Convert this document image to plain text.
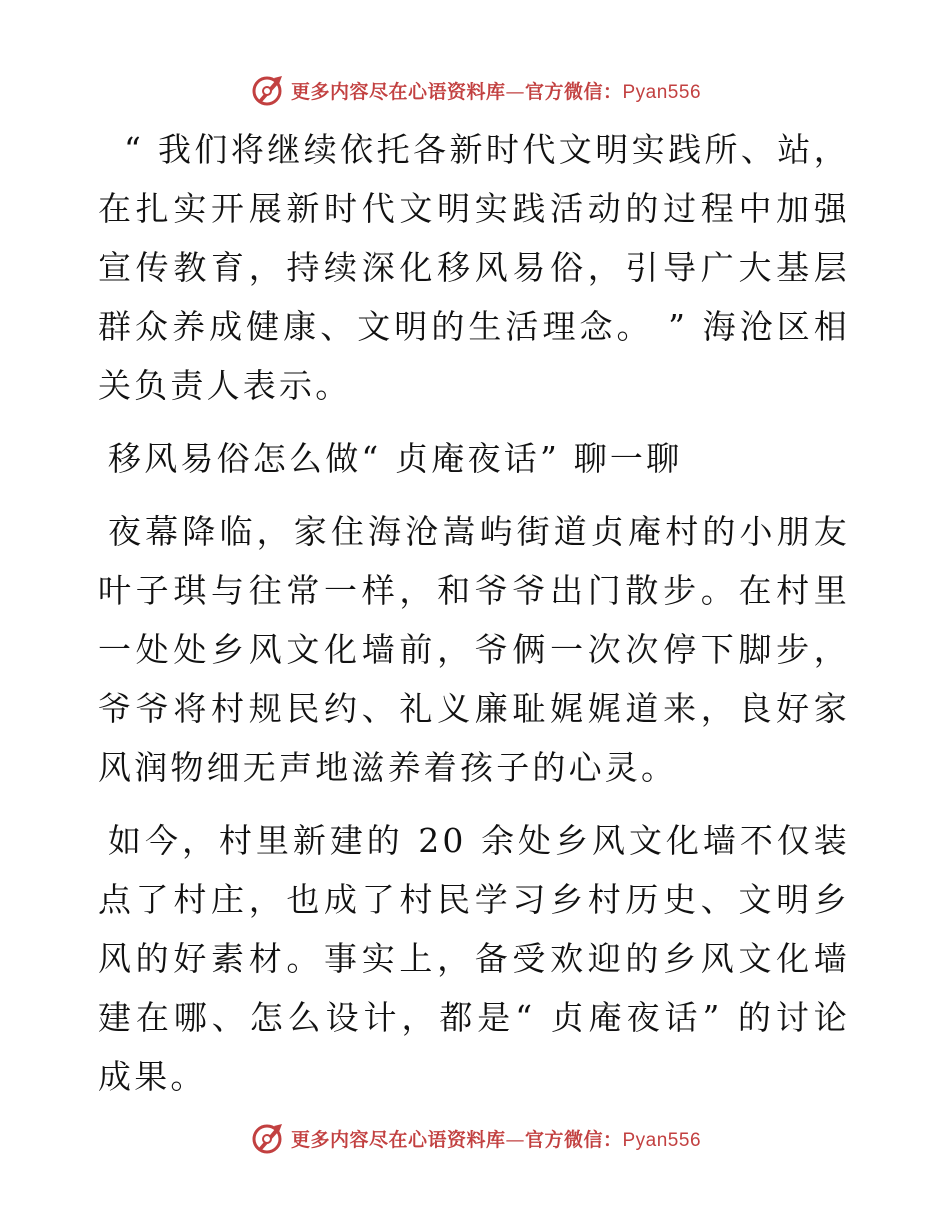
更多内容尽在心语资料库—官方微信：Pyan556

“ 我们将继续依托各新时代文明实践所、站，在扎实开展新时代文明实践活动的过程中加强宣传教育，持续深化移风易俗，引导广大基层群众养成健康、文明的生活理念。 ” 海沧区相关负责人表示。

移风易俗怎么做“ 贞庵夜话” 聊一聊

夜幕降临，家住海沧嵩屿街道贞庵村的小朋友叶子琪与往常一样，和爷爷出门散步。在村里一处处乡风文化墙前，爷俩一次次停下脚步，爷爷将村规民约、礼义廉耻娓娓道来，良好家风润物细无声地滋养着孩子的心灵。

如今，村里新建的 20 余处乡风文化墙不仅装点了村庄，也成了村民学习乡村历史、文明乡风的好素材。事实上，备受欢迎的乡风文化墙建在哪、怎么设计，都是“ 贞庵夜话” 的讨论成果。

更多内容尽在心语资料库—官方微信：Pyan556
